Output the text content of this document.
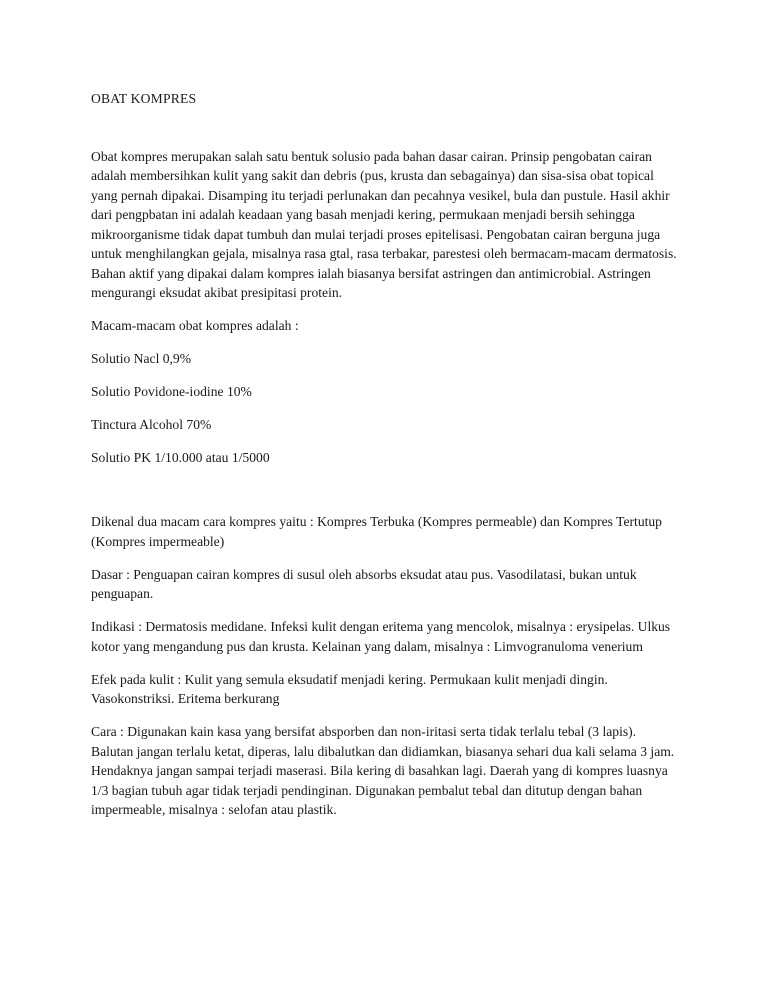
OBAT KOMPRES

Obat kompres merupakan salah satu bentuk solusio pada bahan dasar cairan. Prinsip pengobatan cairan adalah membersihkan kulit yang sakit dan debris (pus, krusta dan sebagainya) dan sisa-sisa obat topical yang pernah dipakai. Disamping itu terjadi perlunakan dan pecahnya vesikel, bula dan pustule. Hasil akhir dari pengpbatan ini adalah keadaan yang basah menjadi kering, permukaan menjadi bersih sehingga mikroorganisme tidak dapat tumbuh dan mulai terjadi proses epitelisasi. Pengobatan cairan berguna juga untuk menghilangkan gejala, misalnya rasa gtal, rasa terbakar, parestesi oleh bermacam-macam dermatosis. Bahan aktif yang dipakai dalam kompres ialah biasanya bersifat astringen dan antimicrobial. Astringen mengurangi eksudat akibat presipitasi protein.

Macam-macam obat kompres adalah :

Solutio Nacl 0,9%

Solutio Povidone-iodine 10%

Tinctura Alcohol 70%

Solutio PK 1/10.000 atau 1/5000

Dikenal dua macam cara kompres yaitu : Kompres Terbuka (Kompres permeable) dan Kompres Tertutup (Kompres impermeable)

Dasar : Penguapan cairan kompres di susul oleh absorbs eksudat atau pus. Vasodilatasi, bukan untuk penguapan.

Indikasi : Dermatosis medidane. Infeksi kulit dengan eritema yang mencolok, misalnya : erysipelas. Ulkus kotor yang mengandung pus dan krusta. Kelainan yang dalam, misalnya : Limvogranuloma venerium

Efek pada kulit : Kulit yang semula eksudatif menjadi kering. Permukaan kulit menjadi dingin. Vasokonstriksi. Eritema berkurang

Cara : Digunakan kain kasa yang bersifat absporben dan non-iritasi serta tidak terlalu tebal (3 lapis). Balutan jangan terlalu ketat, diperas, lalu dibalutkan dan didiamkan, biasanya sehari dua kali selama 3 jam. Hendaknya jangan sampai terjadi maserasi. Bila kering di basahkan lagi. Daerah yang di kompres luasnya 1/3 bagian tubuh agar tidak terjadi pendinginan. Digunakan pembalut tebal dan ditutup dengan bahan impermeable, misalnya : selofan atau plastik.
